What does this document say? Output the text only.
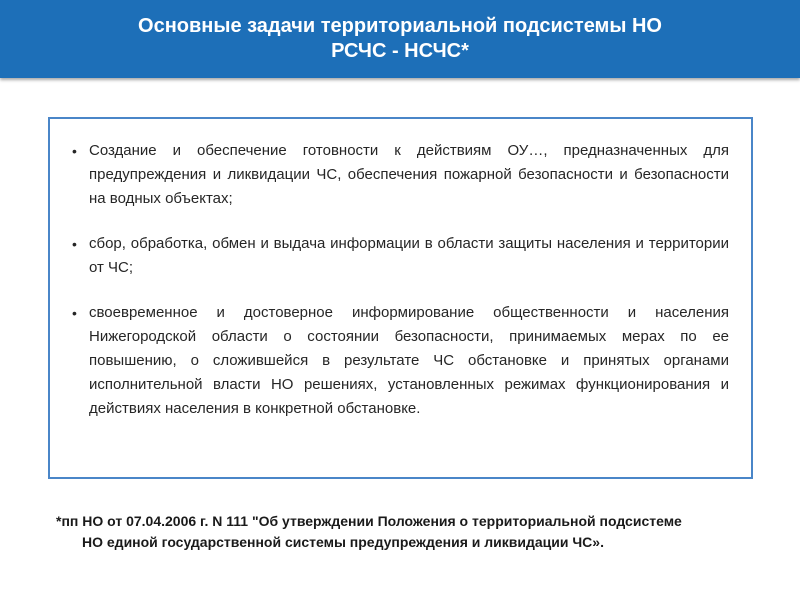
Основные задачи территориальной подсистемы НО
РСЧС - НСЧС*
• Создание и обеспечение готовности к действиям ОУ…, предназначенных для предупреждения и ликвидации ЧС, обеспечения пожарной безопасности и безопасности на водных объектах;
• сбор, обработка, обмен и выдача информации в области защиты населения и территории от ЧС;
• своевременное и достоверное информирование общественности и населения Нижегородской области о состоянии безопасности, принимаемых мерах по ее повышению, о сложившейся в результате ЧС обстановке и принятых органами исполнительной власти НО решениях, установленных режимах функционирования и действиях населения в конкретной обстановке.
*пп НО от 07.04.2006 г. N 111 "Об утверждении Положения о территориальной подсистеме
НО единой государственной системы предупреждения и ликвидации ЧС».
